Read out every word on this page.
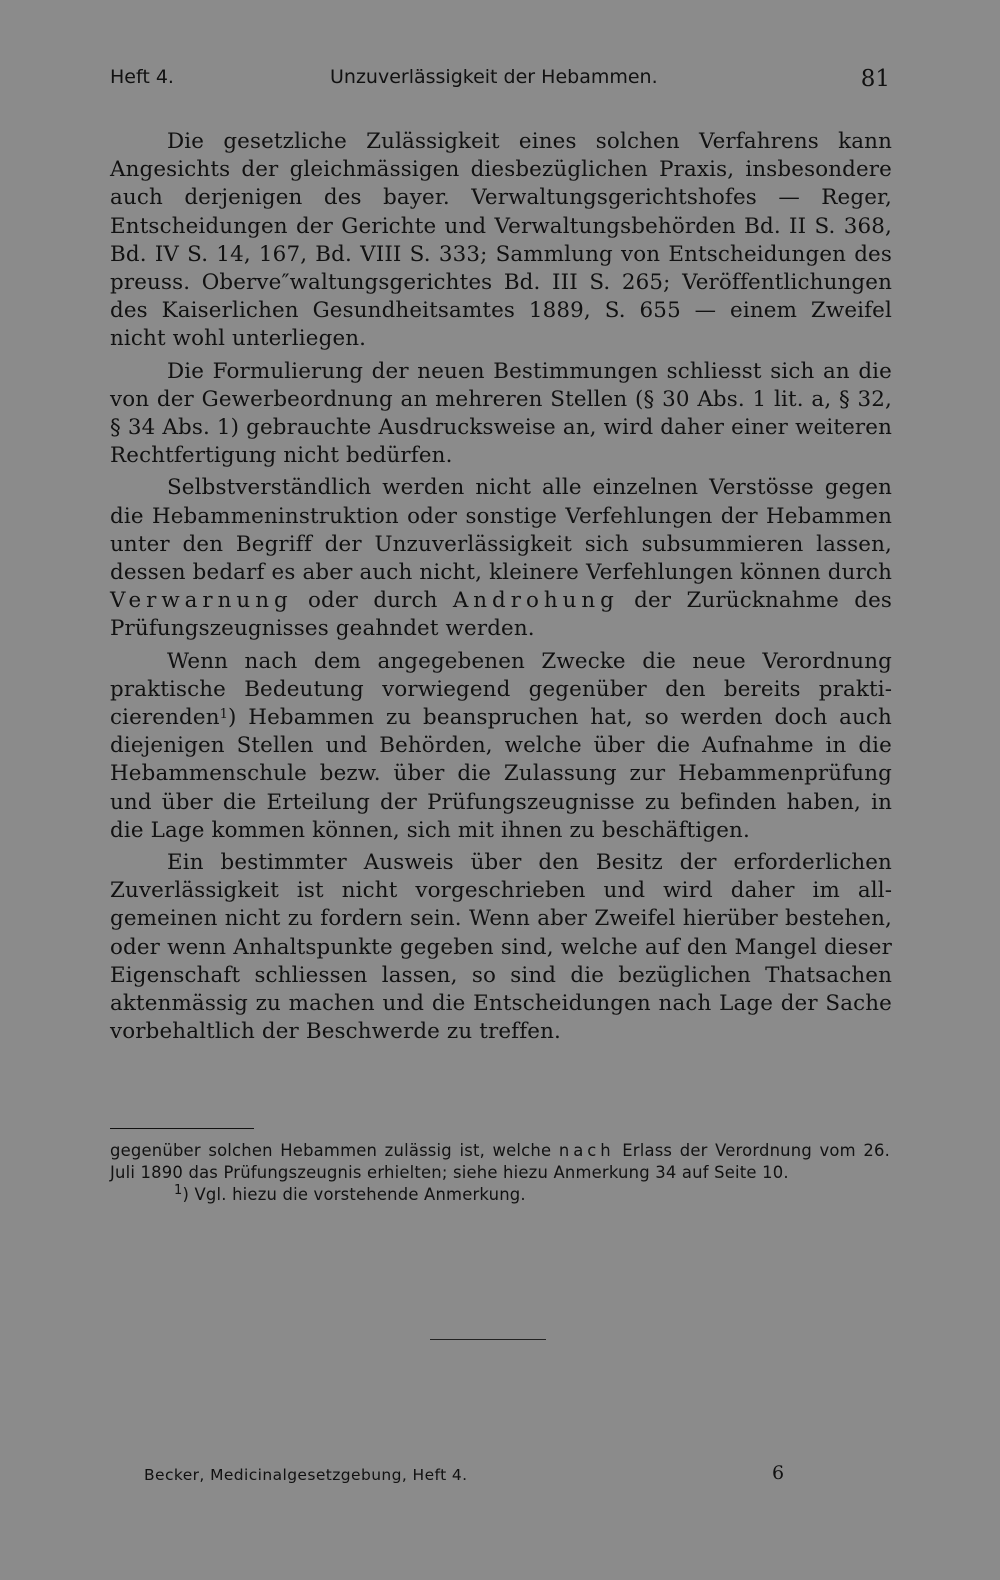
Heft 4.	Unzuverlässigkeit der Hebammen.	81

Die gesetzliche Zulässigkeit eines solchen Verfahrens kann Angesichts der gleichmässigen diesbezüglichen Praxis, insbesondere auch derjenigen des bayer. Verwaltungsgerichtshofes — Reger, Entscheidungen der Gerichte und Verwaltungsbehörden Bd. II S. 368, Bd. IV S. 14, 167, Bd. VIII S. 333; Sammlung von Entscheidungen des preuss. Oberve″waltungsgerichtes Bd. III S. 265; Veröffentlichungen des Kaiserlichen Gesundheitsamtes 1889, S. 655 — einem Zweifel nicht wohl unterliegen.

Die Formulierung der neuen Bestimmungen schliesst sich an die von der Gewerbeordnung an mehreren Stellen (§ 30 Abs. 1 lit. a, § 32, § 34 Abs. 1) gebrauchte Ausdrucksweise an, wird daher einer weiteren Rechtfertigung nicht bedürfen.

Selbstverständlich werden nicht alle einzelnen Verstösse gegen die Hebammeninstruktion oder sonstige Verfehlungen der Hebammen unter den Begriff der Unzuverlässigkeit sich subsummieren lassen, dessen bedarf es aber auch nicht, kleinere Verfehlungen können durch Verwarnung oder durch Androhung der Zurücknahme des Prüfungszeugnisses geahndet werden.

Wenn nach dem angegebenen Zwecke die neue Verordnung praktische Bedeutung vorwiegend gegenüber den bereits prakticierenden$^1$) Hebammen zu beanspruchen hat, so werden doch auch diejenigen Stellen und Behörden, welche über die Aufnahme in die Hebammenschule bezw. über die Zulassung zur Hebammenprüfung und über die Erteilung der Prüfungszeugnisse zu befinden haben, in die Lage kommen können, sich mit ihnen zu beschäftigen.

Ein bestimmter Ausweis über den Besitz der erforderlichen Zuverlässigkeit ist nicht vorgeschrieben und wird daher im allgemeinen nicht zu fordern sein. Wenn aber Zweifel hierüber bestehen, oder wenn Anhaltspunkte gegeben sind, welche auf den Mangel dieser Eigenschaft schliessen lassen, so sind die bezüglichen Thatsachen aktenmässig zu machen und die Entscheidungen nach Lage der Sache vorbehaltlich der Beschwerde zu treffen.

gegenüber solchen Hebammen zulässig ist, welche nach Erlass der Verordnung vom 26. Juli 1890 das Prüfungszeugnis erhielten; siehe hiezu Anmerkung 34 auf Seite 10.

$^1$) Vgl. hiezu die vorstehende Anmerkung.

Becker, Medicinalgesetzgebung, Heft 4.	6
